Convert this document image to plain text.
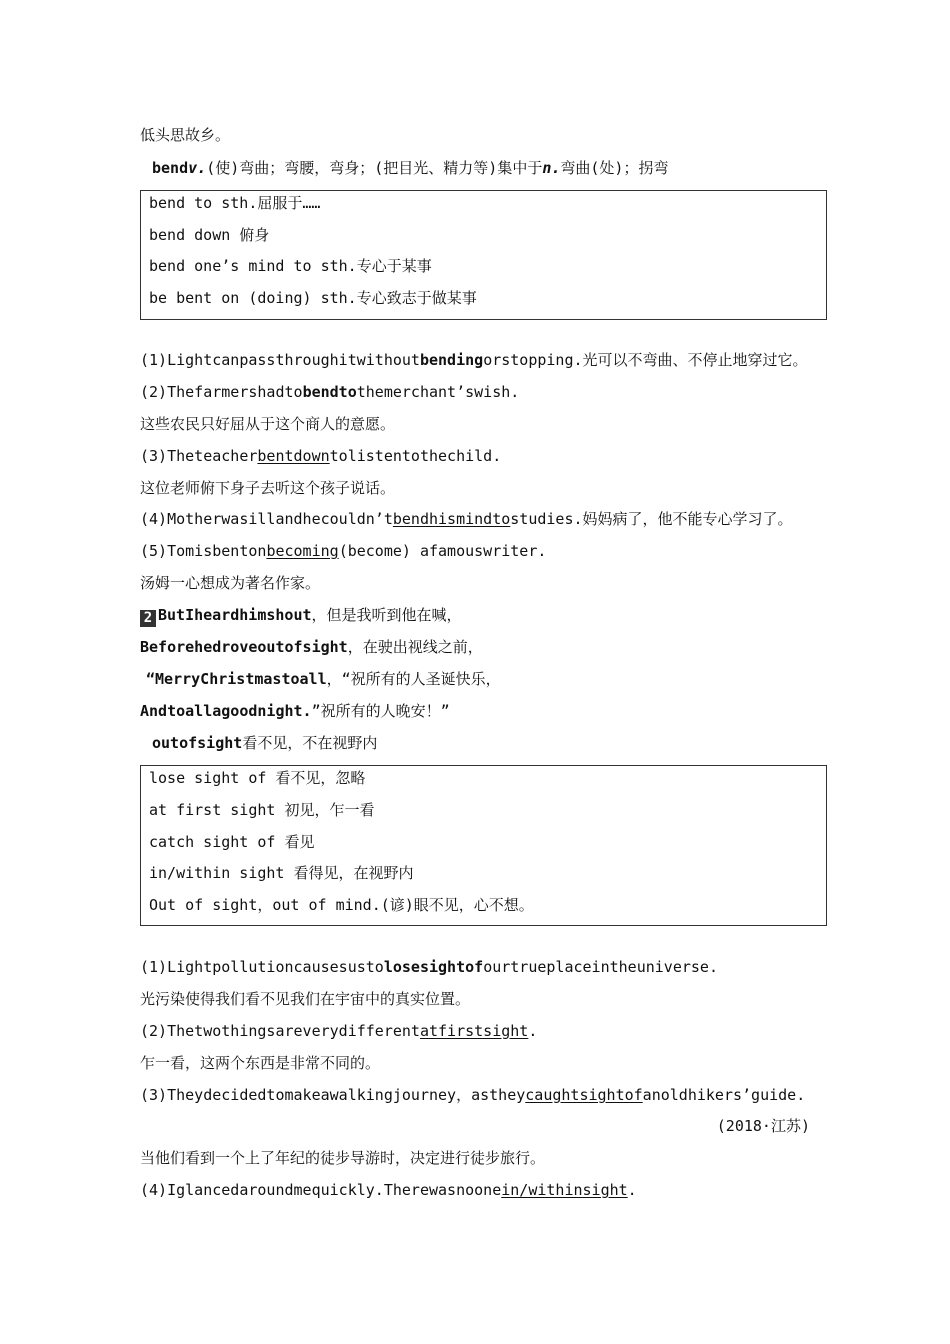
低头思故乡。
bendv.(使)弯曲；弯腰，弯身；(把目光、精力等)集中于n.弯曲(处)；拐弯
bend to sth.屈服于……
bend down 俯身
bend one’s mind to sth.专心于某事
be bent on (doing) sth.专心致志于做某事
(1)Lightcanpassthroughitwithoutbendingorstopping.光可以不弯曲、不停止地穿过它。
(2)Thefarmershadtobendtothemerchant’swish.
这些农民只好屈从于这个商人的意愿。
(3)Theteacherbentdowntolistentothechild.
这位老师俯下身子去听这个孩子说话。
(4)Motherwasillandhecouldn’tbendhismindtostudies.妈妈病了，他不能专心学习了。
(5)Tomisbentonbecoming(become) afamouswriter.
汤姆一心想成为著名作家。
2 ButIheardhimshout，但是我听到他在喊，
Beforehedroveoutofsight，在驶出视线之前，
“MerryChristmastoall，“祝所有的人圣诞快乐，
Andtoallagoodnight.”祝所有的人晚安！”
outofsight看不见，不在视野内
lose sight of 看不见，忽略
at first sight 初见，乍一看
catch sight of 看见
in/within sight 看得见，在视野内
Out of sight，out of mind.(谚)眼不见，心不想。
(1)Lightpollutioncausesustolosesightofourtrueplaceintheuniverse.
光污染使得我们看不见我们在宇宙中的真实位置。
(2)Thetwothingsareverydifferentatfirstsight.
乍一看，这两个东西是非常不同的。
(3)Theydecidedtomakeawalkingjourney，astheycaughtsightofanoldhikers’guide.
(2018·江苏)
当他们看到一个上了年纪的徒步导游时，决定进行徒步旅行。
(4)Iglancedaroundmequickly.Therewasnoonein/withinsight.
